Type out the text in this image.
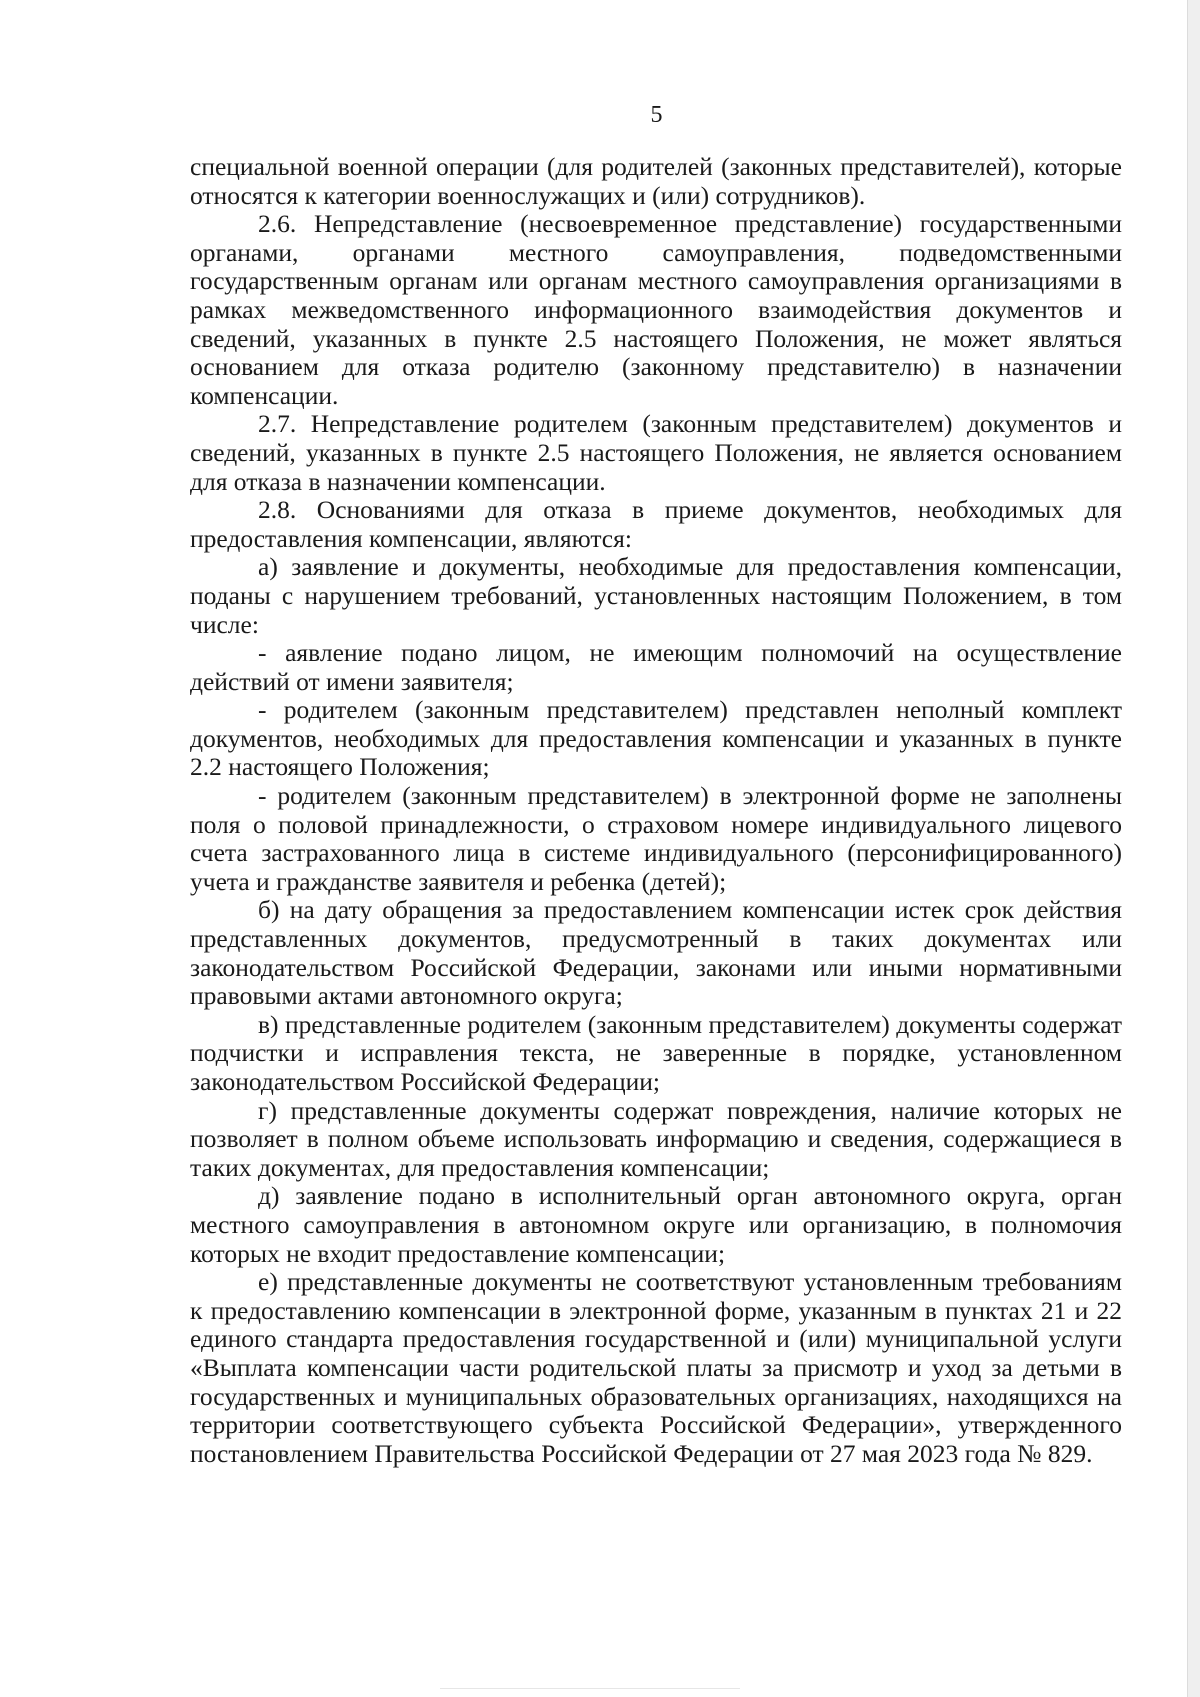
5

специальной военной операции (для родителей (законных представителей), которые относятся к категории военнослужащих и (или) сотрудников).

2.6. Непредставление (несвоевременное представление) государственными органами, органами местного самоуправления, подведомственными государственным органам или органам местного самоуправления организациями в рамках межведомственного информационного взаимодействия документов и сведений, указанных в пункте 2.5 настоящего Положения, не может являться основанием для отказа родителю (законному представителю) в назначении компенсации.

2.7. Непредставление родителем (законным представителем) документов и сведений, указанных в пункте 2.5 настоящего Положения, не является основанием для отказа в назначении компенсации.

2.8. Основаниями для отказа в приеме документов, необходимых для предоставления компенсации, являются:

а) заявление и документы, необходимые для предоставления компенсации, поданы с нарушением требований, установленных настоящим Положением, в том числе:

- аявление подано лицом, не имеющим полномочий на осуществление действий от имени заявителя;

- родителем (законным представителем) представлен неполный комплект документов, необходимых для предоставления компенсации и указанных в пункте 2.2 настоящего Положения;

- родителем (законным представителем) в электронной форме не заполнены поля о половой принадлежности, о страховом номере индивидуального лицевого счета застрахованного лица в системе индивидуального (персонифицированного) учета и гражданстве заявителя и ребенка (детей);

б) на дату обращения за предоставлением компенсации истек срок действия представленных документов, предусмотренный в таких документах или законодательством Российской Федерации, законами или иными нормативными правовыми актами автономного округа;

в) представленные родителем (законным представителем) документы содержат подчистки и исправления текста, не заверенные в порядке, установленном законодательством Российской Федерации;

г) представленные документы содержат повреждения, наличие которых не позволяет в полном объеме использовать информацию и сведения, содержащиеся в таких документах, для предоставления компенсации;

д) заявление подано в исполнительный орган автономного округа, орган местного самоуправления в автономном округе или организацию, в полномочия которых не входит предоставление компенсации;

е) представленные документы не соответствуют установленным требованиям к предоставлению компенсации в электронной форме, указанным в пунктах 21 и 22 единого стандарта предоставления государственной и (или) муниципальной услуги «Выплата компенсации части родительской платы за присмотр и уход за детьми в государственных и муниципальных образовательных организациях, находящихся на территории соответствующего субъекта Российской Федерации», утвержденного постановлением Правительства Российской Федерации от 27 мая 2023 года № 829.
